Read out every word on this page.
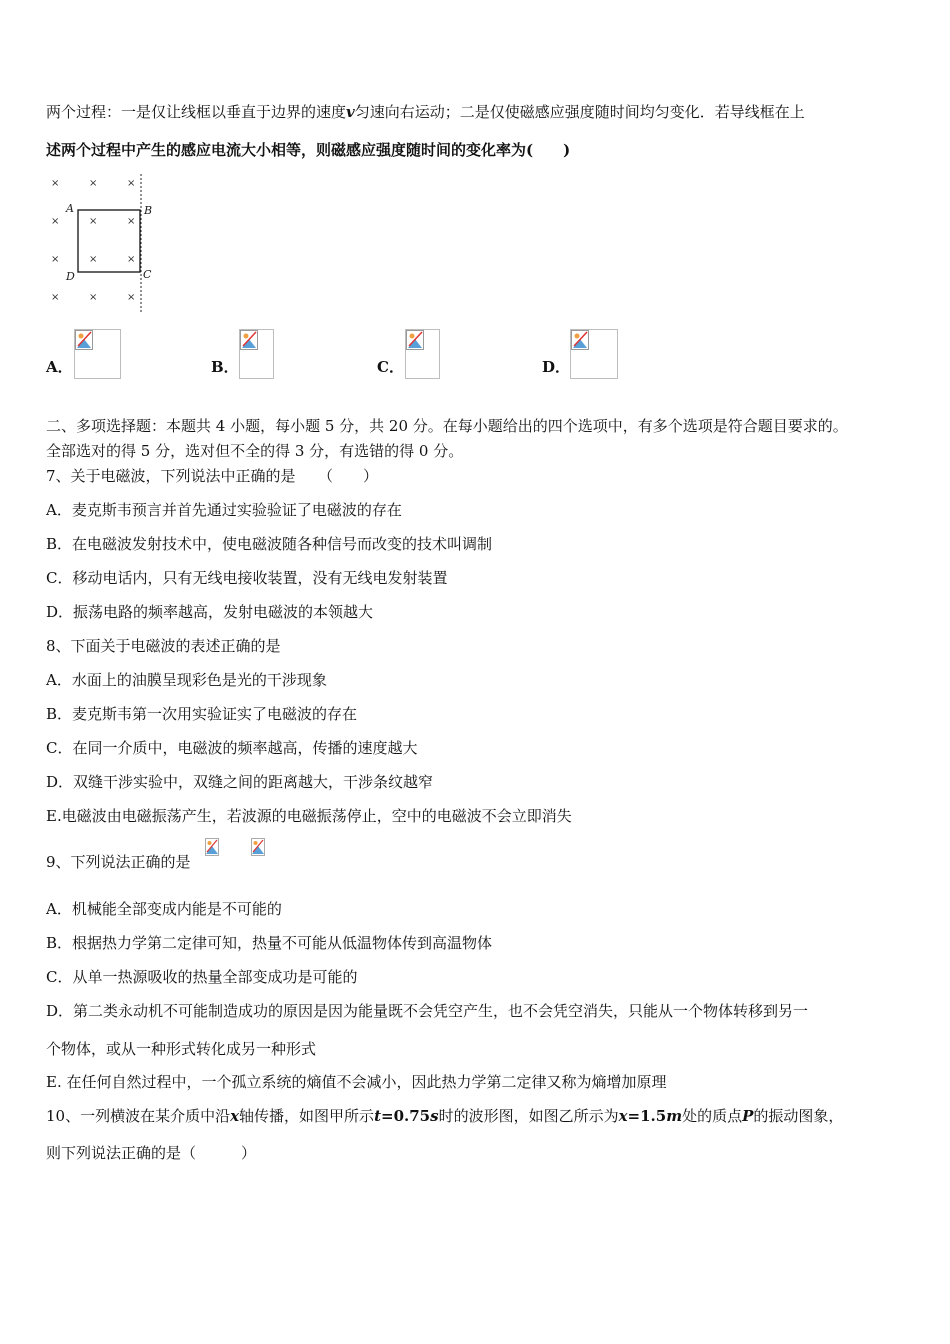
两个过程：一是仅让线框以垂直于边界的速度v匀速向右运动；二是仅使磁感应强度随时间均匀变化．若导线框在上
述两个过程中产生的感应电流大小相等，则磁感应强度随时间的变化率为(　　)
×	×	×
×	×	×
×	×	×
×	×	×
A	B
C
D
A．	B．	C．	D．
二、多项选择题：本题共 4 小题，每小题 5 分，共 20 分。在每小题给出的四个选项中，有多个选项是符合题目要求的。
全部选对的得 5 分，选对但不全的得 3 分，有选错的得 0 分。
7、关于电磁波，下列说法中正确的是　　（　　）
A．麦克斯韦预言并首先通过实验验证了电磁波的存在
B．在电磁波发射技术中，使电磁波随各种信号而改变的技术叫调制
C．移动电话内，只有无线电接收装置，没有无线电发射装置
D．振荡电路的频率越高，发射电磁波的本领越大
8、下面关于电磁波的表述正确的是
A．水面上的油膜呈现彩色是光的干涉现象
B．麦克斯韦第一次用实验证实了电磁波的存在
C．在同一介质中，电磁波的频率越高，传播的速度越大
D．双缝干涉实验中，双缝之间的距离越大，干涉条纹越窄
E.电磁波由电磁振荡产生，若波源的电磁振荡停止，空中的电磁波不会立即消失
9、下列说法正确的是
A．机械能全部变成内能是不可能的
B．根据热力学第二定律可知，热量不可能从低温物体传到高温物体
C．从单一热源吸收的热量全部变成功是可能的
D．第二类永动机不可能制造成功的原因是因为能量既不会凭空产生，也不会凭空消失，只能从一个物体转移到另一
个物体，或从一种形式转化成另一种形式
E. 在任何自然过程中，一个孤立系统的熵值不会减小，因此热力学第二定律又称为熵增加原理
10、一列横波在某介质中沿x轴传播，如图甲所示t=0.75s时的波形图，如图乙所示为x=1.5m处的质点P的振动图象，
则下列说法正确的是（　　　）
